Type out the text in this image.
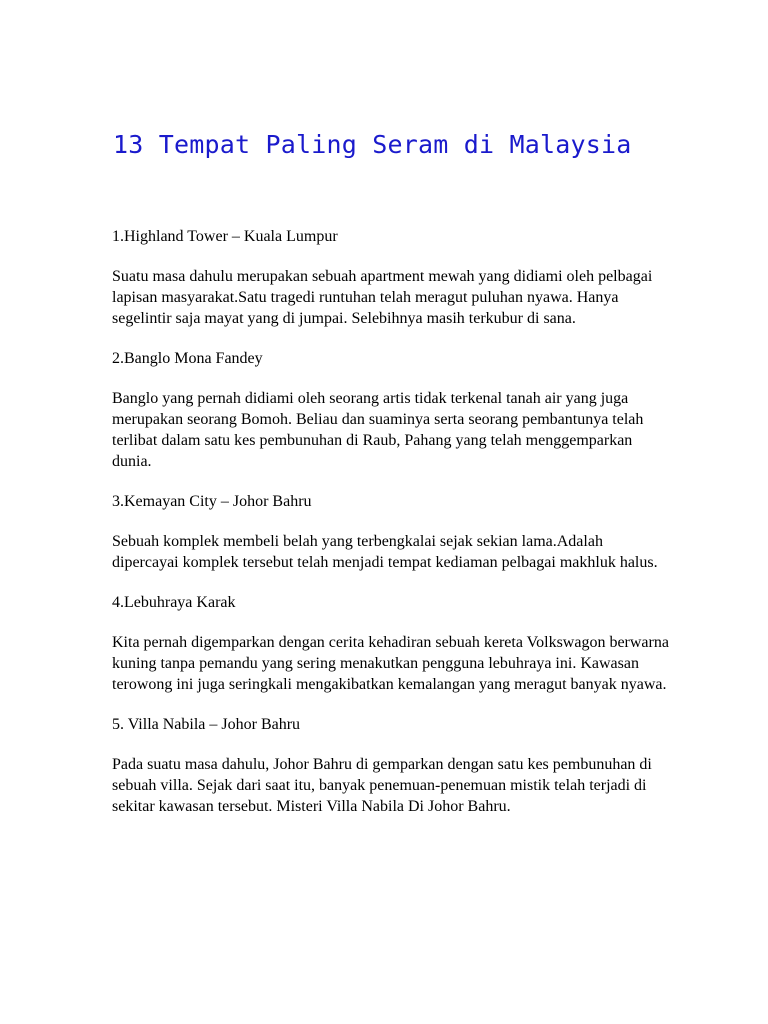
13 Tempat Paling Seram di Malaysia

1.Highland Tower – Kuala Lumpur

Suatu masa dahulu merupakan sebuah apartment mewah yang didiami oleh pelbagai lapisan masyarakat.Satu tragedi runtuhan telah meragut puluhan nyawa. Hanya segelintir saja mayat yang di jumpai. Selebihnya masih terkubur di sana.

2.Banglo Mona Fandey

Banglo yang pernah didiami oleh seorang artis tidak terkenal tanah air yang juga merupakan seorang Bomoh. Beliau dan suaminya serta seorang pembantunya telah terlibat dalam satu kes pembunuhan di Raub, Pahang yang telah menggemparkan dunia.

3.Kemayan City – Johor Bahru

Sebuah komplek membeli belah yang terbengkalai sejak sekian lama.Adalah dipercayai komplek tersebut telah menjadi tempat kediaman pelbagai makhluk halus.

4.Lebuhraya Karak

Kita pernah digemparkan dengan cerita kehadiran sebuah kereta Volkswagon berwarna kuning tanpa pemandu yang sering menakutkan pengguna lebuhraya ini. Kawasan terowong ini juga seringkali mengakibatkan kemalangan yang meragut banyak nyawa.

5. Villa Nabila – Johor Bahru

Pada suatu masa dahulu, Johor Bahru di gemparkan dengan satu kes pembunuhan di sebuah villa. Sejak dari saat itu, banyak penemuan-penemuan mistik telah terjadi di sekitar kawasan tersebut. Misteri Villa Nabila Di Johor Bahru.
